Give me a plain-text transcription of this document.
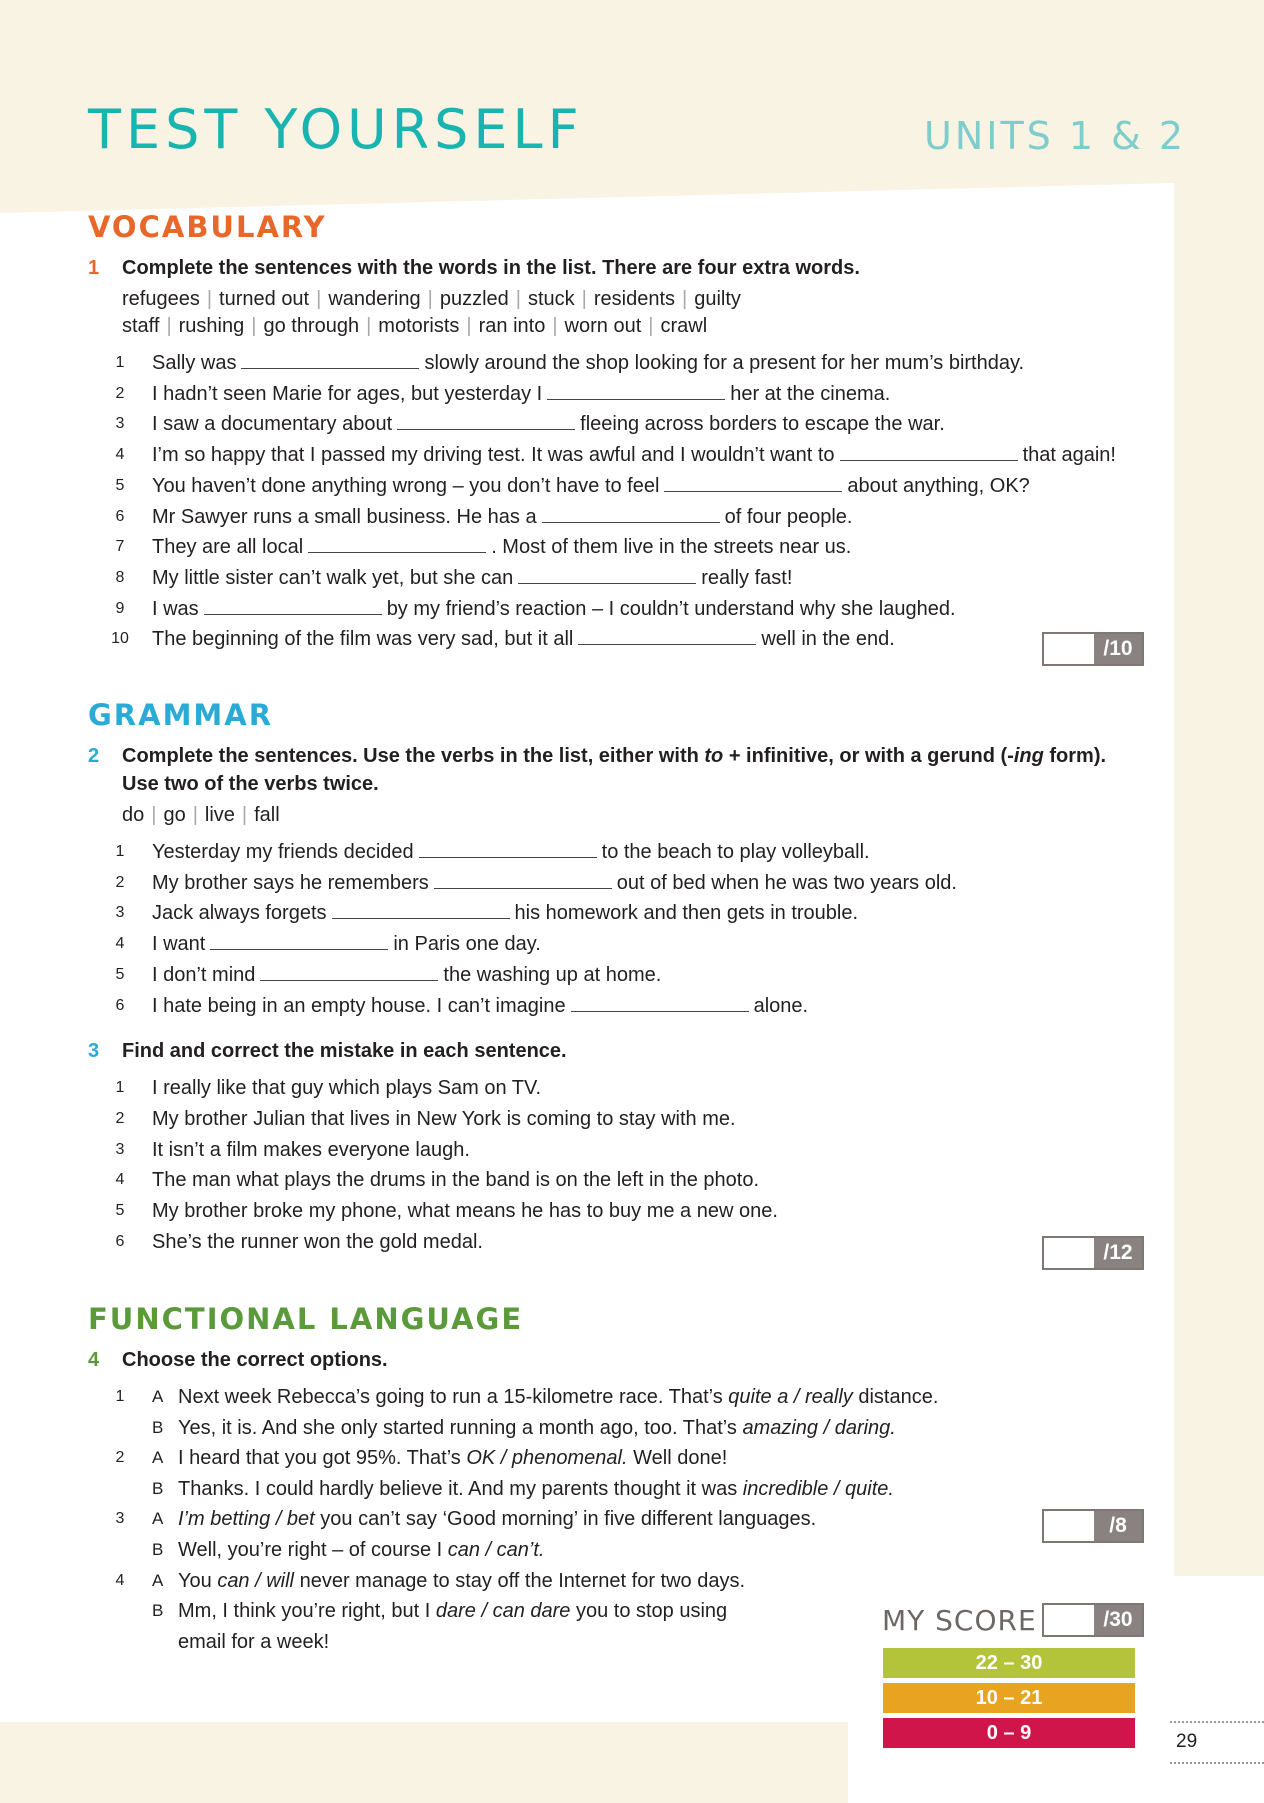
TEST YOURSELF	UNITS 1 & 2
VOCABULARY
1	Complete the sentences with the words in the list. There are four extra words.
refugees | turned out | wandering | puzzled | stuck | residents | guilty
staff | rushing | go through | motorists | ran into | worn out | crawl
1	Sally was	slowly around the shop looking for a present for her mum’s birthday.
2	I hadn’t seen Marie for ages, but yesterday I	her at the cinema.
3	I saw a documentary about	fleeing across borders to escape the war.
4	I’m so happy that I passed my driving test. It was awful and I wouldn’t want to	that again!
5	You haven’t done anything wrong – you don’t have to feel	about anything, OK?
6	Mr Sawyer runs a small business. He has a	of four people.
7	They are all local	. Most of them live in the streets near us.
8	My little sister can’t walk yet, but she can	really fast!
9	I was	by my friend’s reaction – I couldn’t understand why she laughed.
10	The beginning of the film was very sad, but it all	well in the end.	/10
GRAMMAR
2	Complete the sentences. Use the verbs in the list, either with to + infinitive, or with a gerund (-ing form).
Use two of the verbs twice.
do | go | live | fall
1	Yesterday my friends decided	to the beach to play volleyball.
2	My brother says he remembers	out of bed when he was two years old.
3	Jack always forgets	his homework and then gets in trouble.
4	I want	in Paris one day.
5	I don’t mind	the washing up at home.
6	I hate being in an empty house. I can’t imagine	alone.
3	Find and correct the mistake in each sentence.
1	I really like that guy which plays Sam on TV.
2	My brother Julian that lives in New York is coming to stay with me.
3	It isn’t a film makes everyone laugh.
4	The man what plays the drums in the band is on the left in the photo.
5	My brother broke my phone, what means he has to buy me a new one.
6	She’s the runner won the gold medal.	/12
FUNCTIONAL LANGUAGE
4	Choose the correct options.
1	A Next week Rebecca’s going to run a 15-kilometre race. That’s quite a / really distance.
B Yes, it is. And she only started running a month ago, too. That’s amazing / daring.
2	A I heard that you got 95%. That’s OK / phenomenal. Well done!
B Thanks. I could hardly believe it. And my parents thought it was incredible / quite.
3	A I’m betting / bet you can’t say ‘Good morning’ in five different languages.
B Well, you’re right – of course I can / can’t.
4	A You can / will never manage to stay off the Internet for two days.
B Mm, I think you’re right, but I dare / can dare you to stop using
email for a week!
/8
MY SCORE	/30
22 – 30
10 – 21
0 – 9	29
